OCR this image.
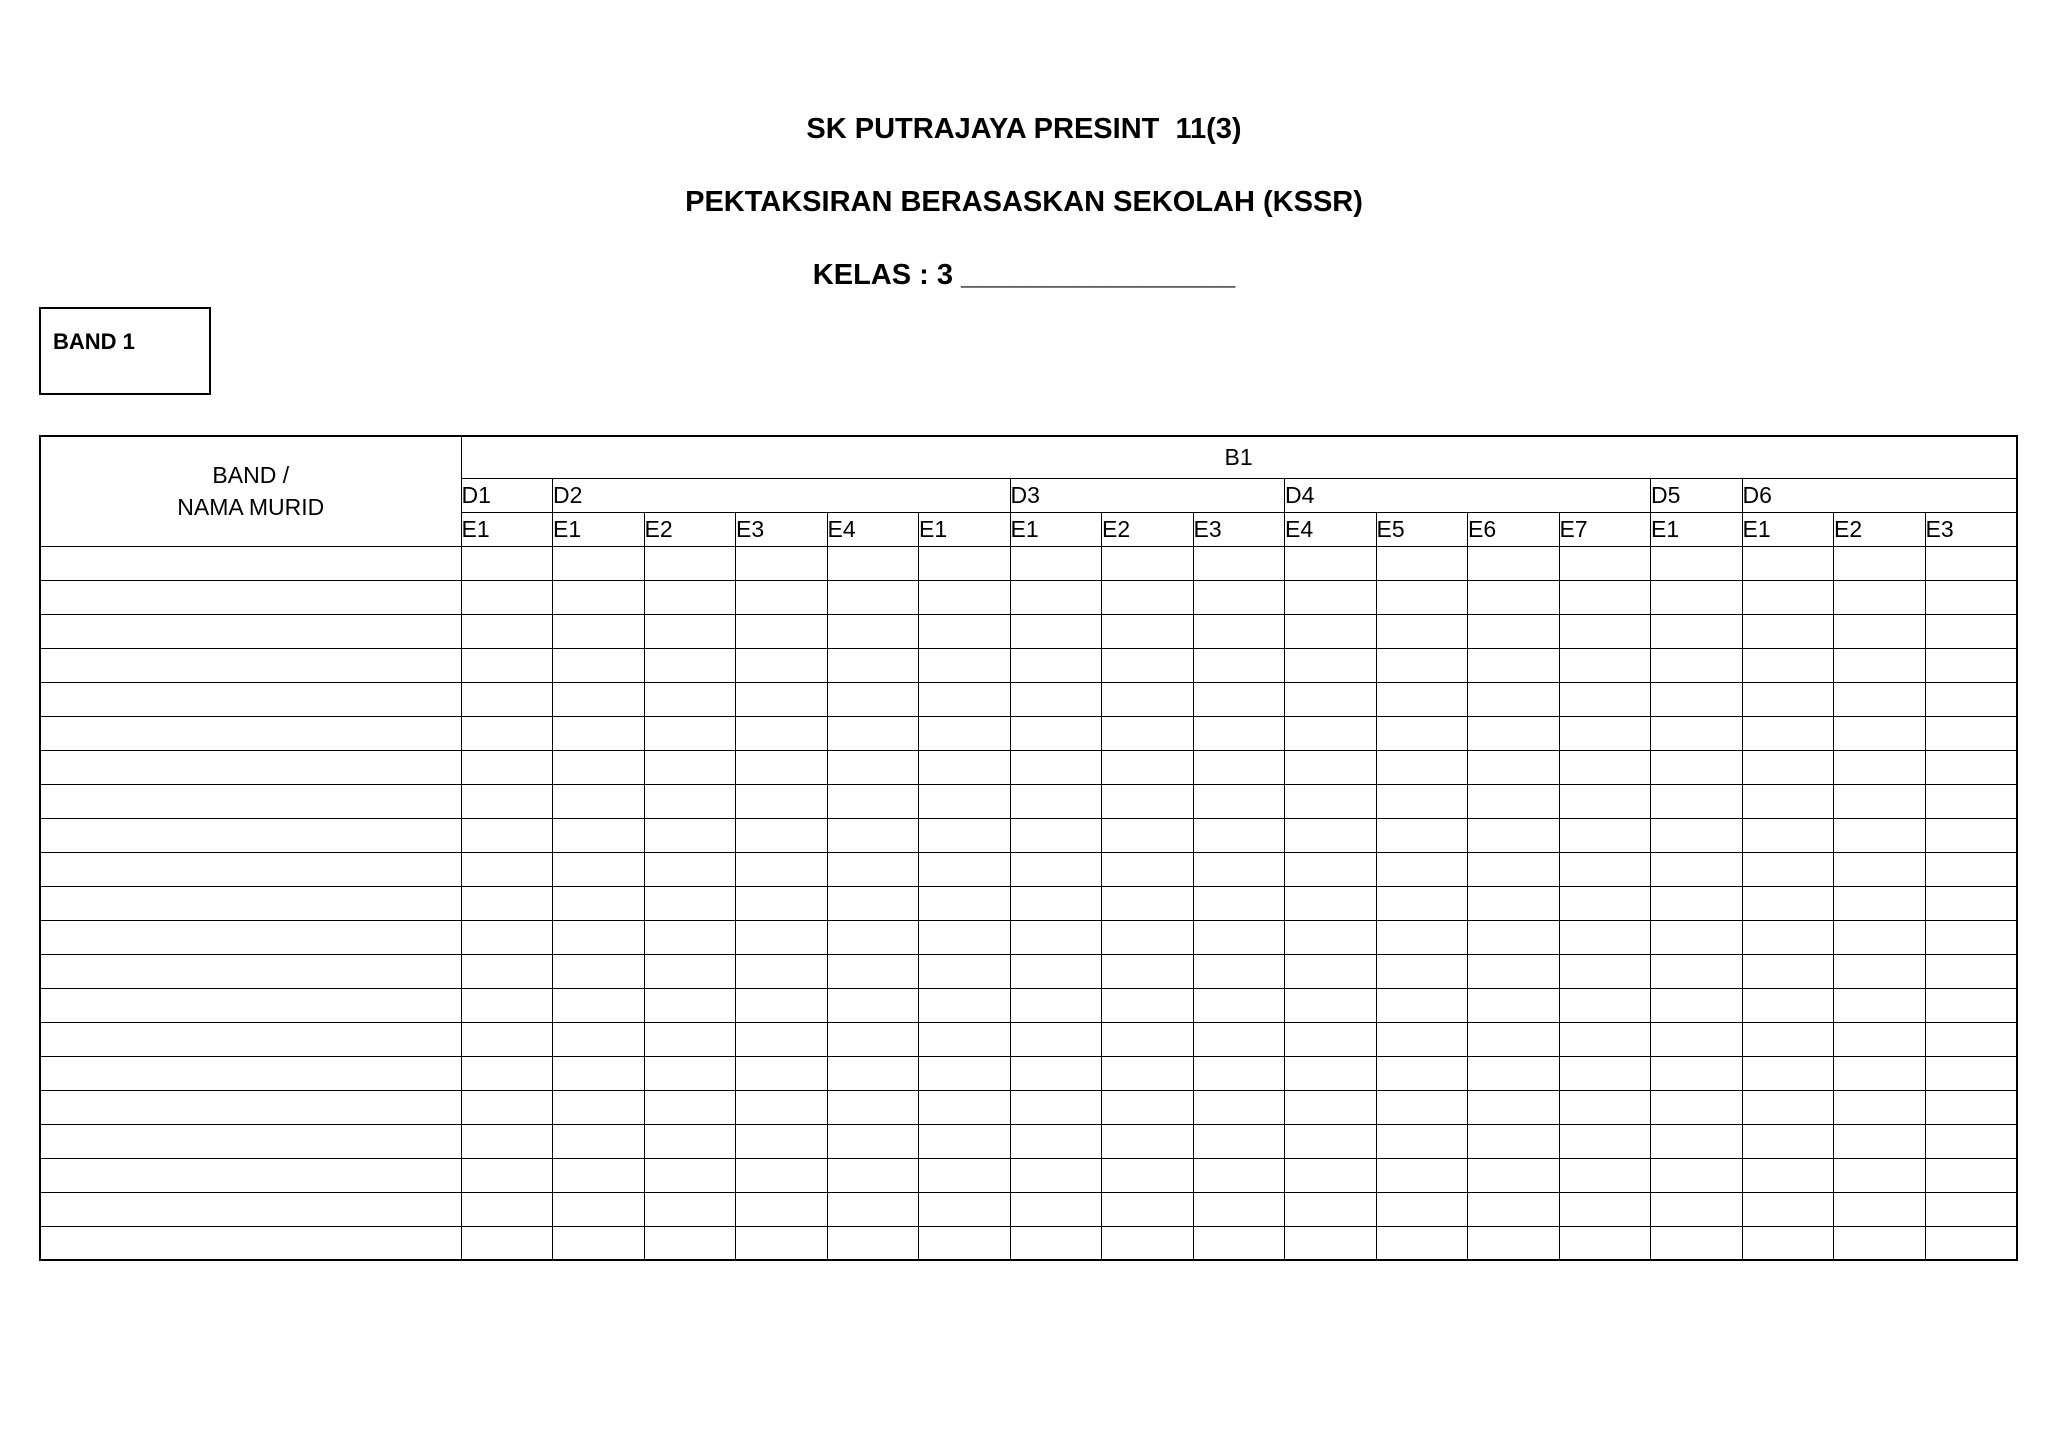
SK PUTRAJAYA PRESINT  11(3)
PEKTAKSIRAN BERASASKAN SEKOLAH (KSSR)
KELAS : 3 _________________
BAND 1
BAND /
NAMA MURID	B1																
	D1	D2					D3			D4				D5	D6		
	E1	E1	E2	E3	E4	E1	E1	E2	E3	E4	E5	E6	E7	E1	E1	E2	E3
